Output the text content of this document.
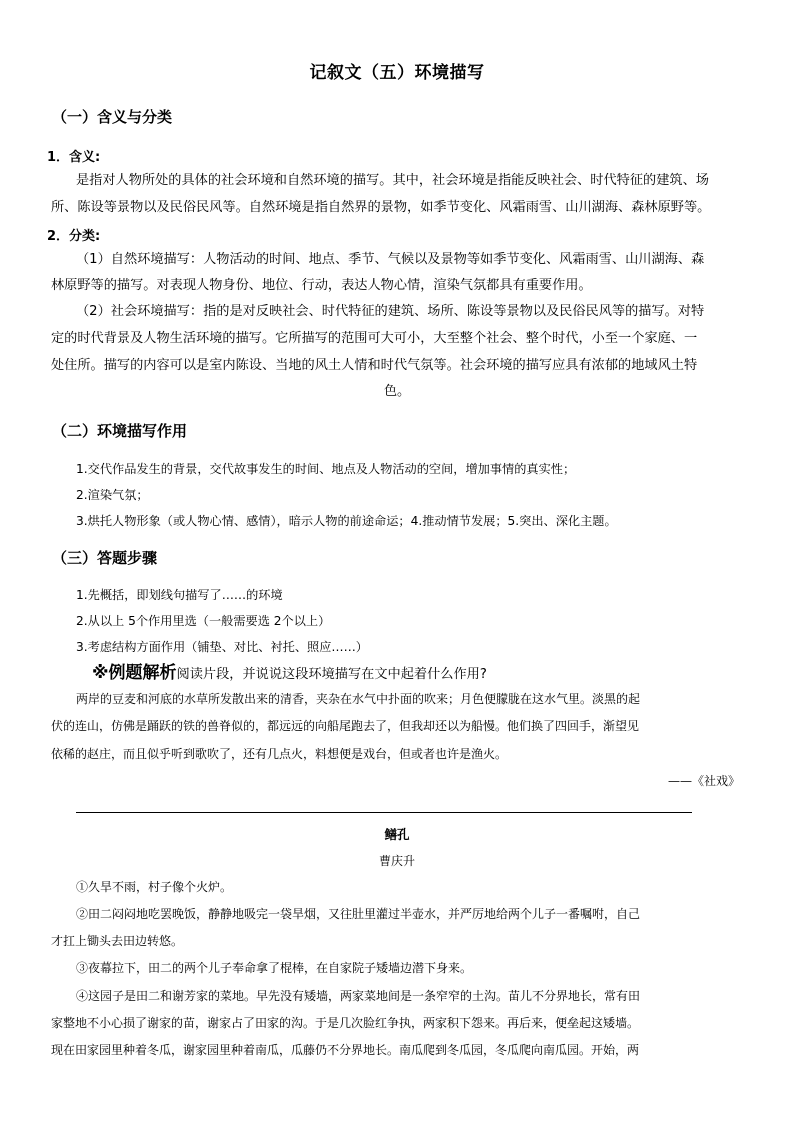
记叙文（五）环境描写
（一）含义与分类
1．含义:
是指对人物所处的具体的社会环境和自然环境的描写。其中，社会环境是指能反映社会、时代特征的建筑、场
所、陈设等景物以及民俗民风等。自然环境是指自然界的景物，如季节变化、风霜雨雪、山川湖海、森林原野等。
2．分类:
（1）自然环境描写：人物活动的时间、地点、季节、气候以及景物等如季节变化、风霜雨雪、山川湖海、森
林原野等的描写。对表现人物身份、地位、行动，表达人物心情，渲染气氛都具有重要作用。
（2）社会环境描写：指的是对反映社会、时代特征的建筑、场所、陈设等景物以及民俗民风等的描写。对特
定的时代背景及人物生活环境的描写。它所描写的范围可大可小，大至整个社会、整个时代，小至一个家庭、一
处住所。描写的内容可以是室内陈设、当地的风土人情和时代气氛等。社会环境的描写应具有浓郁的地域风土特
色。
（二）环境描写作用
1.交代作品发生的背景，交代故事发生的时间、地点及人物活动的空间，增加事情的真实性；
2.渲染气氛；
3.烘托人物形象（或人物心情、感情），暗示人物的前途命运；4.推动情节发展；5.突出、深化主题。
（三）答题步骤
1.先概括，即划线句描写了……的环境
2.从以上 5个作用里选（一般需要选 2个以上）
3.考虑结构方面作用（铺垫、对比、衬托、照应……）
※例题解析阅读片段，并说说这段环境描写在文中起着什么作用?
两岸的豆麦和河底的水草所发散出来的清香，夹杂在水气中扑面的吹来；月色便朦胧在这水气里。淡黑的起
伏的连山，仿佛是踊跃的铁的兽脊似的，都远远的向船尾跑去了，但我却还以为船慢。他们换了四回手，渐望见
依稀的赵庄，而且似乎听到歌吹了，还有几点火，料想便是戏台，但或者也许是渔火。
——《社戏》
鳝孔
曹庆升
①久旱不雨，村子像个火炉。
②田二闷闷地吃罢晚饭，静静地吸完一袋旱烟，又往肚里灌过半壶水，并严厉地给两个儿子一番嘱咐，自己
才扛上锄头去田边转悠。
③夜幕拉下，田二的两个儿子奉命拿了棍棒，在自家院子矮墙边潜下身来。
④这园子是田二和谢芳家的菜地。早先没有矮墙，两家菜地间是一条窄窄的土沟。苗儿不分界地长，常有田
家整地不小心损了谢家的苗，谢家占了田家的沟。于是几次脸红争执，两家积下怨来。再后来，便垒起这矮墙。
现在田家园里种着冬瓜，谢家园里种着南瓜，瓜藤仍不分界地长。南瓜爬到冬瓜园，冬瓜爬向南瓜园。开始，两
